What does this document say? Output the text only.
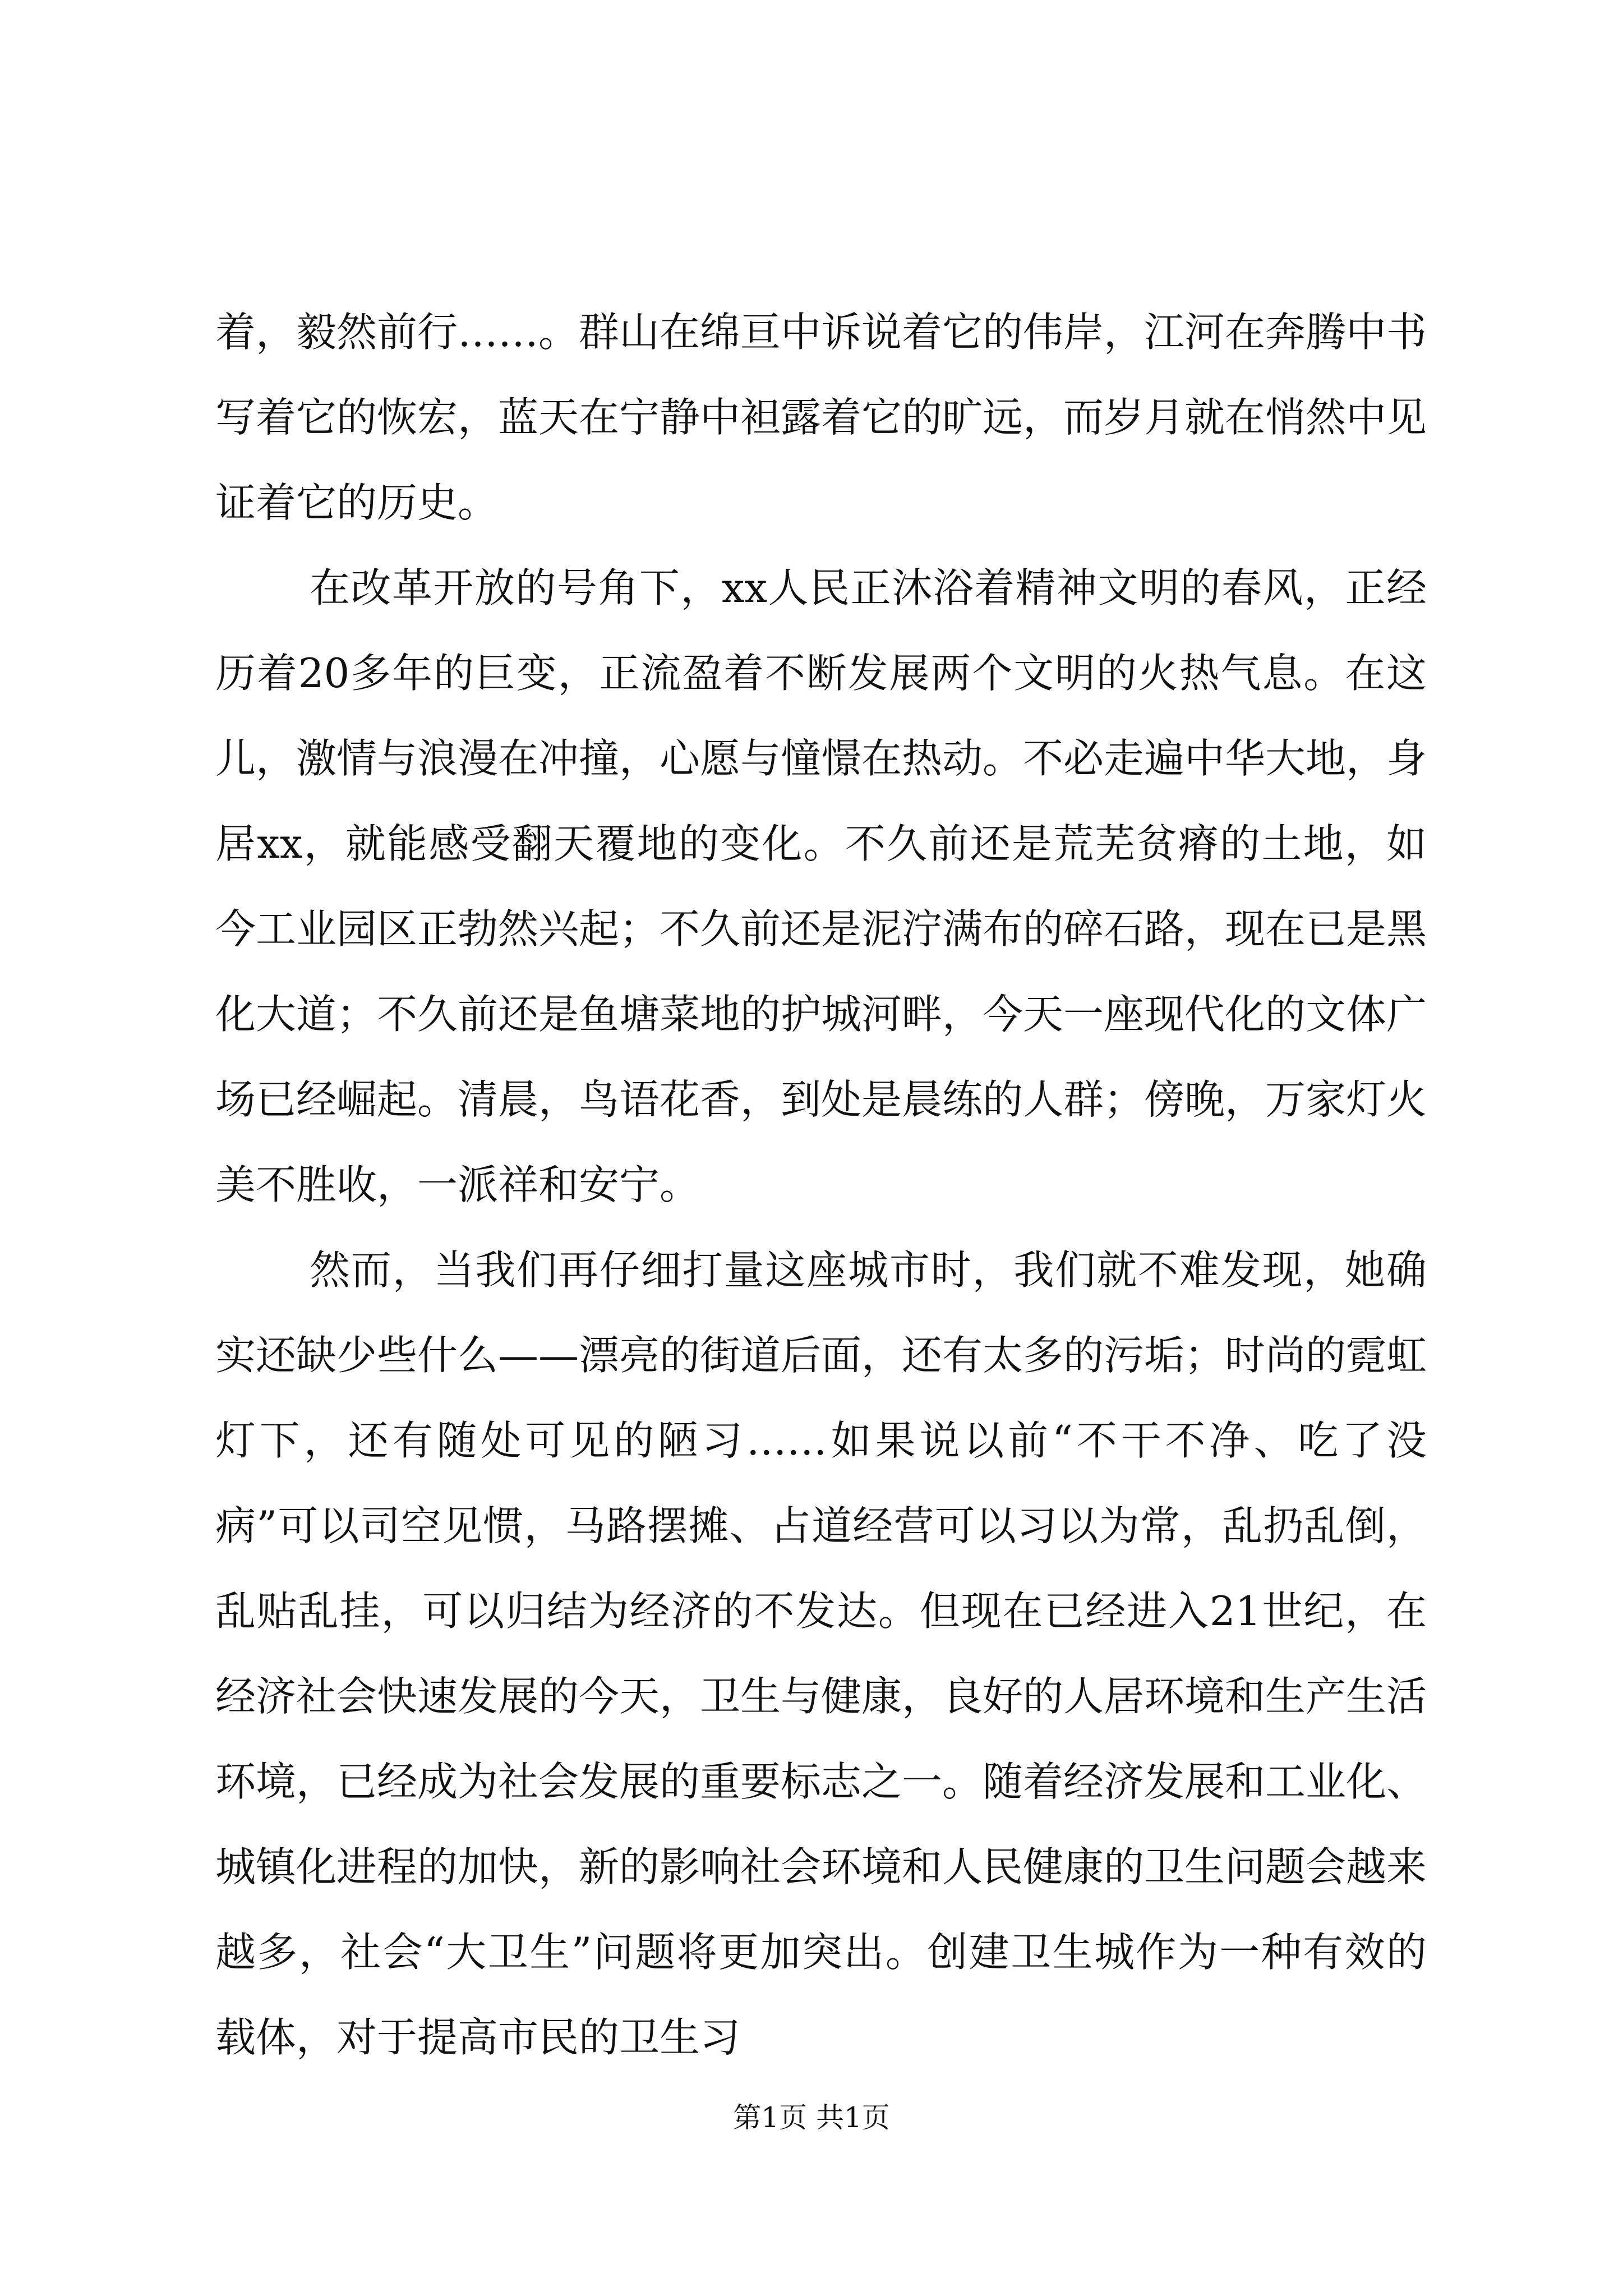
着，毅然前行……。群山在绵亘中诉说着它的伟岸，江河在奔腾中书写着它的恢宏，蓝天在宁静中袒露着它的旷远，而岁月就在悄然中见证着它的历史。

在改革开放的号角下，xx人民正沐浴着精神文明的春风，正经历着20多年的巨变，正流盈着不断发展两个文明的火热气息。在这儿，激情与浪漫在冲撞，心愿与憧憬在热动。不必走遍中华大地，身居xx，就能感受翻天覆地的变化。不久前还是荒芜贫瘠的土地，如今工业园区正勃然兴起；不久前还是泥泞满布的碎石路，现在已是黑化大道；不久前还是鱼塘菜地的护城河畔，今天一座现代化的文体广场已经崛起。清晨，鸟语花香，到处是晨练的人群；傍晚，万家灯火美不胜收，一派祥和安宁。

然而，当我们再仔细打量这座城市时，我们就不难发现，她确实还缺少些什么——漂亮的街道后面，还有太多的污垢；时尚的霓虹灯下，还有随处可见的陋习……如果说以前“不干不净、吃了没病”可以司空见惯，马路摆摊、占道经营可以习以为常，乱扔乱倒，乱贴乱挂，可以归结为经济的不发达。但现在已经进入21世纪，在经济社会快速发展的今天，卫生与健康，良好的人居环境和生产生活环境，已经成为社会发展的重要标志之一。随着经济发展和工业化、城镇化进程的加快，新的影响社会环境和人民健康的卫生问题会越来越多，社会“大卫生”问题将更加突出。创建卫生城作为一种有效的载体，对于提高市民的卫生习

第1页 共1页
